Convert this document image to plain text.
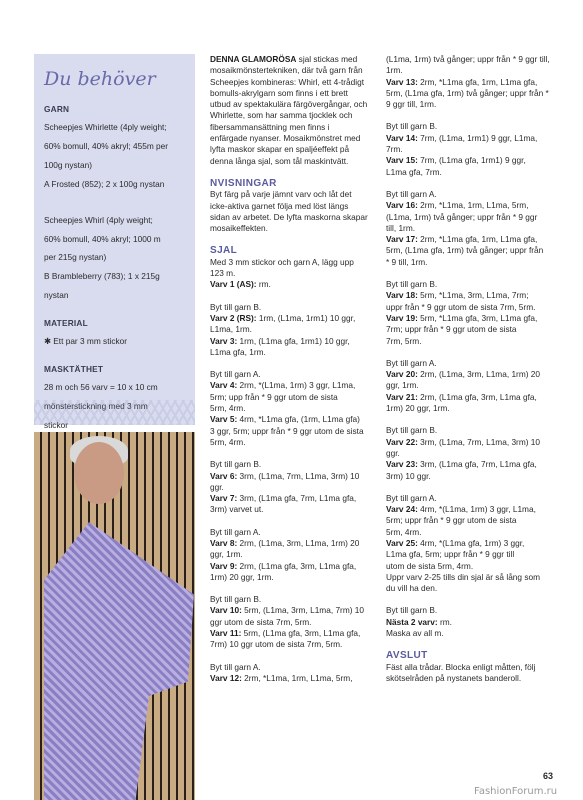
Du behöver

GARN

Scheepjes Whirlette (4ply weight;

60% bomull, 40% akryl; 455m per

100g nystan)

A Frosted (852); 2 x 100g nystan

Scheepjes Whirl (4ply weight;

60% bomull, 40% akryl; 1000 m

per 215g nystan)

B Brambleberry (783); 1 x 215g

nystan

MATERIAL

✱ Ett par 3 mm stickor

MASKTÄTHET

28 m och 56 varv = 10 x 10 cm

mönsterstickning med 3 mm

stickor

DENNA GLAMORÖSA sjal stickas med

mosaikmönstertekniken, där två garn från

Scheepjes kombineras: Whirl, ett 4-trådigt

bomulls-akrylgarn som finns i ett brett

utbud av spektakulära färgövergångar, och

Whirlette, som har samma tjocklek och

fibersammansättning men finns i

enfärgade nyanser. Mosaikmönstret med

lyfta maskor skapar en spaljéeffekt på

denna långa sjal, som tål maskintvätt.

NVISNINGAR

Byt färg på varje jämnt varv och låt det

icke-aktiva garnet följa med löst längs

sidan av arbetet. De lyfta maskorna skapar

mosaikeffekten.

SJAL

Med 3 mm stickor och garn A, lägg upp

123 m.

Varv 1 (AS): rm.

Byt till garn B.

Varv 2 (RS): 1rm, (L1ma, 1rm1) 10 ggr,

L1ma, 1rm.

Varv 3: 1rm, (L1ma gfa, 1rm1) 10 ggr,

L1ma gfa, 1rm.

Byt till garn A.

Varv 4: 2rm, *(L1ma, 1rm) 3 ggr, L1ma,

5rm; upp från * 9 ggr utom de sista

5rm, 4rm.

Varv 5: 4rm, *L1ma gfa, (1rm, L1ma gfa)

3 ggr, 5rm; uppr från * 9 ggr utom de sista

5rm, 4rm.

Byt till garn B.

Varv 6: 3rm, (L1ma, 7rm, L1ma, 3rm) 10

ggr.

Varv 7: 3rm, (L1ma gfa, 7rm, L1ma gfa,

3rm) varvet ut.

Byt till garn A.

Varv 8: 2rm, (L1ma, 3rm, L1ma, 1rm) 20

ggr, 1rm.

Varv 9: 2rm, (L1ma gfa, 3rm, L1ma gfa,

1rm) 20 ggr, 1rm.

Byt till garn B.

Varv 10: 5rm, (L1ma, 3rm, L1ma, 7rm) 10

ggr utom de sista 7rm, 5rm.

Varv 11: 5rm, (L1ma gfa, 3rm, L1ma gfa,

7rm) 10 ggr utom de sista 7rm, 5rm.

Byt till garn A.

Varv 12: 2rm, *L1ma, 1rm, L1ma, 5rm,

(L1ma, 1rm) två gånger; uppr från * 9 ggr till,

1rm.

Varv 13: 2rm, *L1ma gfa, 1rm, L1ma gfa,

5rm, (L1ma gfa, 1rm) två gånger; uppr från *

9 ggr till, 1rm.

Byt till garn B.

Varv 14: 7rm, (L1ma, 1rm1) 9 ggr, L1ma,

7rm.

Varv 15: 7rm, (L1ma gfa, 1rm1) 9 ggr,

L1ma gfa, 7rm.

Byt till garn A.

Varv 16: 2rm, *L1ma, 1rm, L1ma, 5rm,

(L1ma, 1rm) två gånger; uppr från * 9 ggr

till, 1rm.

Varv 17: 2rm, *L1ma gfa, 1rm, L1ma gfa,

5rm, (L1ma gfa, 1rm) två gånger; uppr från

* 9 till, 1rm.

Byt till garn B.

Varv 18: 5rm, *L1ma, 3rm, L1ma, 7rm;

uppr från * 9 ggr utom de sista 7rm, 5rm.

Varv 19: 5rm, *L1ma gfa, 3rm, L1ma gfa,

7rm; uppr från * 9 ggr utom de sista

7rm, 5rm.

Byt till garn A.

Varv 20: 2rm, (L1ma, 3rm, L1ma, 1rm) 20

ggr, 1rm.

Varv 21: 2rm, (L1ma gfa, 3rm, L1ma gfa,

1rm) 20 ggr, 1rm.

Byt till garn B.

Varv 22: 3rm, (L1ma, 7rm, L1ma, 3rm) 10

ggr.

Varv 23: 3rm, (L1ma gfa, 7rm, L1ma gfa,

3rm) 10 ggr.

Byt till garn A.

Varv 24: 4rm, *(L1ma, 1rm) 3 ggr, L1ma,

5rm; uppr från * 9 ggr utom de sista

5rm, 4rm.

Varv 25: 4rm, *(L1ma gfa, 1rm) 3 ggr,

L1ma gfa, 5rm; uppr från * 9 ggr till

utom de sista 5rm, 4rm.

Uppr varv 2-25 tills din sjal är så lång som

du vill ha den.

Byt till garn B.

Nästa 2 varv: rm.

Maska av all m.

AVSLUT

Fäst alla trådar. Blocka enligt måtten, följ

skötselråden på nystanets banderoll.

63
FashionForum.ru
